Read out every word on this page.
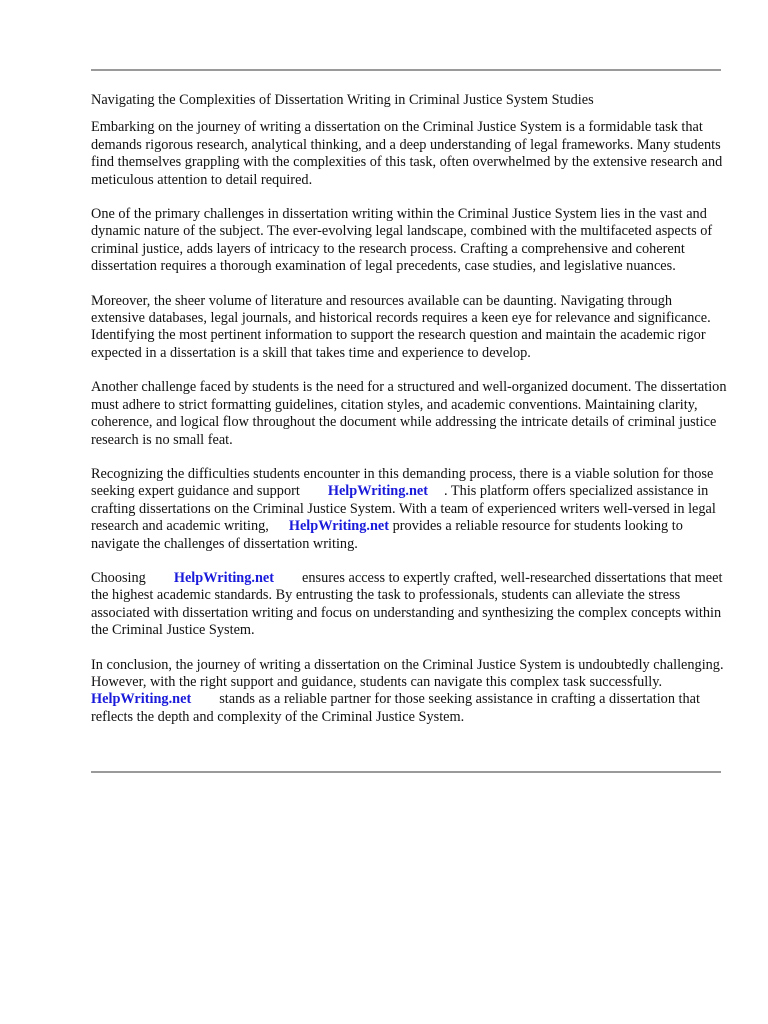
Navigating the Complexities of Dissertation Writing in Criminal Justice System Studies

Embarking on the journey of writing a dissertation on the Criminal Justice System is a formidable task that demands rigorous research, analytical thinking, and a deep understanding of legal frameworks. Many students find themselves grappling with the complexities of this task, often overwhelmed by the extensive research and meticulous attention to detail required.

One of the primary challenges in dissertation writing within the Criminal Justice System lies in the vast and dynamic nature of the subject. The ever-evolving legal landscape, combined with the multifaceted aspects of criminal justice, adds layers of intricacy to the research process. Crafting a comprehensive and coherent dissertation requires a thorough examination of legal precedents, case studies, and legislative nuances.

Moreover, the sheer volume of literature and resources available can be daunting. Navigating through extensive databases, legal journals, and historical records requires a keen eye for relevance and significance. Identifying the most pertinent information to support the research question and maintain the academic rigor expected in a dissertation is a skill that takes time and experience to develop.

Another challenge faced by students is the need for a structured and well-organized document. The dissertation must adhere to strict formatting guidelines, citation styles, and academic conventions. Maintaining clarity, coherence, and logical flow throughout the document while addressing the intricate details of criminal justice research is no small feat.

Recognizing the difficulties students encounter in this demanding process, there is a viable solution for those seeking expert guidance and support HelpWriting.net . This platform offers specialized assistance in crafting dissertations on the Criminal Justice System. With a team of experienced writers well-versed in legal research and academic writing, HelpWriting.net provides a reliable resource for students looking to navigate the challenges of dissertation writing.

Choosing HelpWriting.net ensures access to expertly crafted, well-researched dissertations that meet the highest academic standards. By entrusting the task to professionals, students can alleviate the stress associated with dissertation writing and focus on understanding and synthesizing the complex concepts within the Criminal Justice System.

In conclusion, the journey of writing a dissertation on the Criminal Justice System is undoubtedly challenging. However, with the right support and guidance, students can navigate this complex task successfully.HelpWriting.net stands as a reliable partner for those seeking assistance in crafting a dissertation that reflects the depth and complexity of the Criminal Justice System.
